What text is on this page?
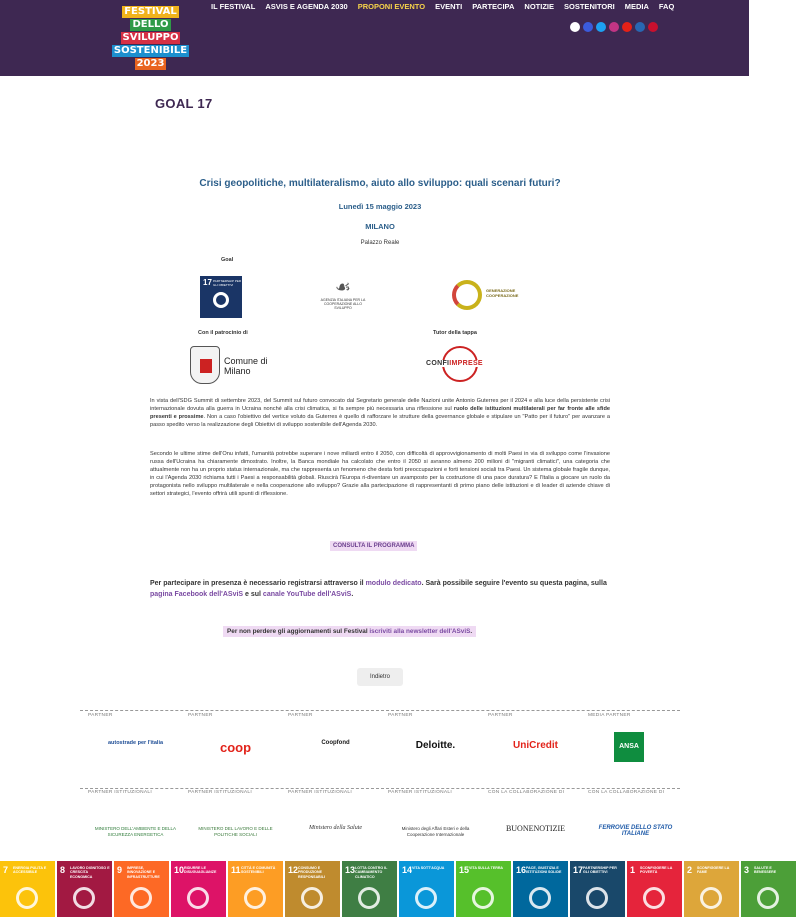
FESTIVAL
DELLO
SVILUPPO
SOSTENIBILE
2023
IL FESTIVAL	ASVIS E AGENDA 2030	PROPONI EVENTO	EVENTI	PARTECIPA	NOTIZIE	SOSTENITORI	MEDIA	FAQ
GOAL 17
Crisi geopolitiche, multilateralismo, aiuto allo sviluppo: quali scenari futuri?
Lunedì 15 maggio 2023
MILANO
Palazzo Reale
Goal
17 PARTNERSHIP PER GLI OBIETTIVI	☙
AGENZIA ITALIANA PER LA COOPERAZIONE ALLO SVILUPPO
GENERAZIONE COOPERAZIONE
Con il patrocinio di	Tutor della tappa
Comune di Milano
CONFIIMPRESE
In vista dell'SDG Summit di settembre 2023, del Summit sul futuro convocato dal Segretario generale delle Nazioni unite Antonio Guterres per il 2024 e alla luce della persistente crisi internazionale dovuta alla guerra in Ucraina nonché alla crisi climatica, si fa sempre più necessaria una riflessione sul ruolo delle istituzioni multilaterali per far fronte alle sfide presenti e prossime. Non a caso l'obiettivo del vertice voluto da Guterres è quello di rafforzare le strutture della governance globale e stipulare un "Patto per il futuro" per avanzare a passo spedito verso la realizzazione degli Obiettivi di sviluppo sostenibile dell'Agenda 2030.
Secondo le ultime stime dell'Onu infatti, l'umanità potrebbe superare i nove miliardi entro il 2050, con difficoltà di approvvigionamento di molti Paesi in via di sviluppo come l'invasione russa dell'Ucraina ha chiaramente dimostrato. Inoltre, la Banca mondiale ha calcolato che entro il 2050 si avranno almeno 200 milioni di "migranti climatici", una categoria che attualmente non ha un proprio status internazionale, ma che rappresenta un fenomeno che desta forti preoccupazioni e forti tensioni sociali tra Paesi. Un sistema globale fragile dunque, in cui l'Agenda 2030 richiama tutti i Paesi a responsabilità globali. Riuscirà l'Europa ri-diventare un avamposto per la costruzione di una pace duratura? E l'Italia a giocare un ruolo da protagonista nello sviluppo multilaterale e nella cooperazione allo sviluppo? Grazie alla partecipazione di rappresentanti di primo piano delle istituzioni e di leader di aziende chiave di settori strategici, l'evento offrirà utili spunti di riflessione.
CONSULTA IL PROGRAMMA
Per partecipare in presenza è necessario registrarsi attraverso il modulo dedicato. Sarà possibile seguire l'evento su questa pagina, sulla pagina Facebook dell'ASviS e sul canale YouTube dell'ASviS.
Per non perdere gli aggiornamenti sul Festival iscriviti alla newsletter dell'ASviS.
Indietro
PARTNER
autostrade per l'italia
PARTNER
coop
PARTNER
Coopfond
PARTNER
Deloitte.
PARTNER
UniCredit
MEDIA PARTNER
ANSA
PARTNER ISTITUZIONALI
MINISTERO DELL'AMBIENTE E DELLA SICUREZZA ENERGETICA
PARTNER ISTITUZIONALI
MINISTERO DEL LAVORO E DELLE POLITICHE SOCIALI
PARTNER ISTITUZIONALI
Ministero della Salute
PARTNER ISTITUZIONALI
Ministero degli Affari Esteri e della Cooperazione Internazionale
CON LA COLLABORAZIONE DI
BUONENOTIZIE
CON LA COLLABORAZIONE DI
FERROVIE DELLO STATO ITALIANE
7 ENERGIA PULITA E ACCESSIBILE	8 LAVORO DIGNITOSO E CRESCITA ECONOMICA
9 IMPRESE, INNOVAZIONE E INFRASTRUTTURE
10 RIDURRE LE DISUGUAGLIANZE	11 CITTÀ E COMUNITÀ SOSTENIBILI	12 CONSUMO E PRODUZIONE RESPONSABILI
13 LOTTA CONTRO IL CAMBIAMENTO CLIMATICO
14 VITA SOTT'ACQUA	15 VITA SULLA TERRA	16 PACE, GIUSTIZIA E ISTITUZIONI SOLIDE	17 PARTNERSHIP PER GLI OBIETTIVI	1 SCONFIGGERE LA POVERTÀ	2 SCONFIGGERE LA FAME	3 SALUTE E BENESSERE
